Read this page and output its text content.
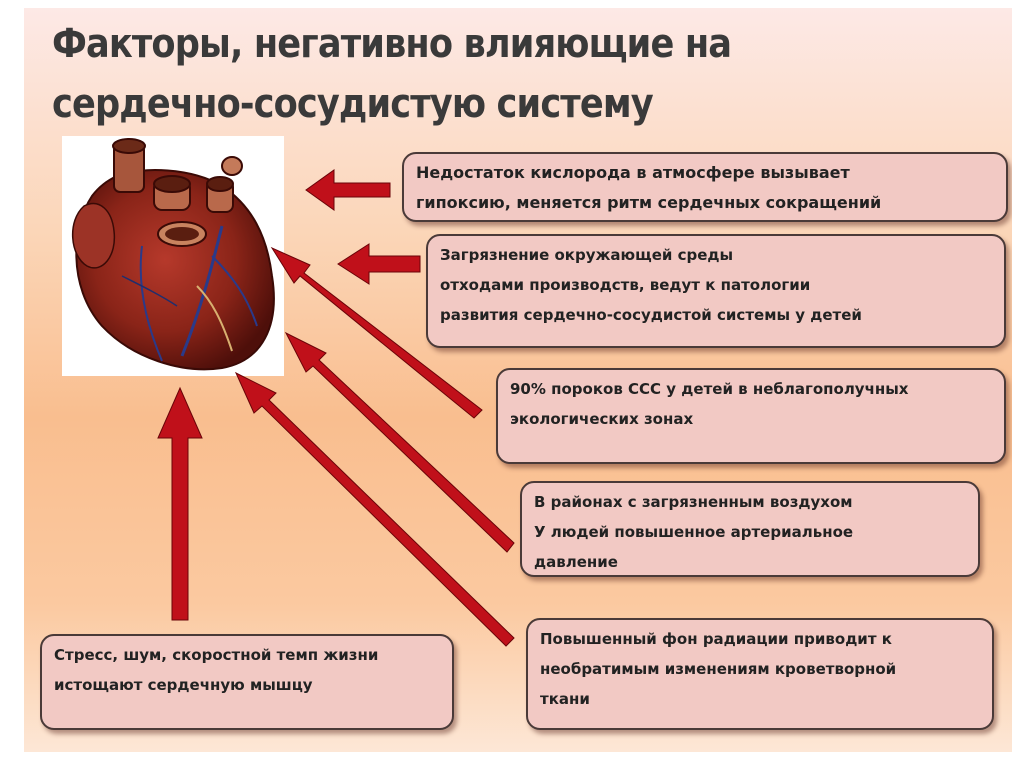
Факторы, негативно влияющие на
сердечно-сосудистую систему
Недостаток кислорода в атмосфере вызывает
гипоксию, меняется ритм сердечных сокращений
Загрязнение окружающей среды
отходами производств, ведут к патологии
развития сердечно-сосудистой системы у детей
90% пороков ССС у детей в неблагополучных
экологических зонах
В районах с загрязненным воздухом
У людей повышенное артериальное
давление
Повышенный фон радиации приводит к
необратимым изменениям кроветворной
ткани
Стресс, шум, скоростной темп жизни
истощают сердечную мышцу
